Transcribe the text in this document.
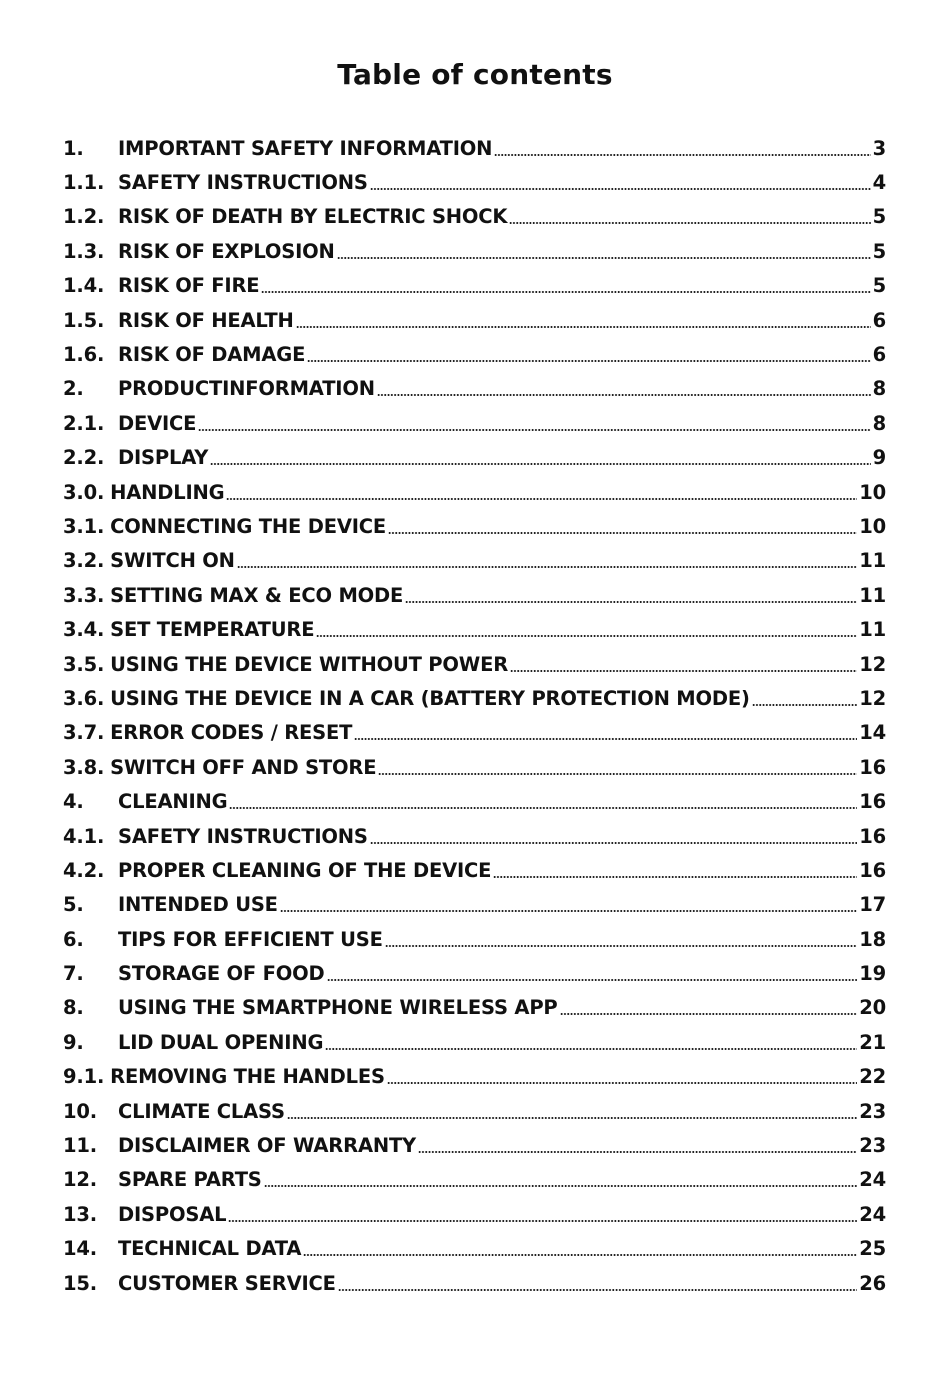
Table of contents
1.	IMPORTANT SAFETY INFORMATION	3
1.1. SAFETY INSTRUCTIONS	4
1.2. RISK OF DEATH BY ELECTRIC SHOCK	5
1.3. RISK OF EXPLOSION	5
1.4. RISK OF FIRE	5
1.5. RISK OF HEALTH	6
1.6. RISK OF DAMAGE	6
2.	PRODUCTINFORMATION	8
2.1. DEVICE	8
2.2. DISPLAY	9
3.0. HANDLING	10
3.1. CONNECTING THE DEVICE	10
3.2. SWITCH ON	11
3.3. SETTING MAX & ECO MODE	11
3.4. SET TEMPERATURE	11
3.5. USING THE DEVICE WITHOUT POWER	12
3.6. USING THE DEVICE IN A CAR (BATTERY PROTECTION MODE)	12
3.7. ERROR CODES / RESET	14
3.8. SWITCH OFF AND STORE	16
4.	CLEANING	16
4.1. SAFETY INSTRUCTIONS	16
4.2. PROPER CLEANING OF THE DEVICE	16
5.	INTENDED USE	17
6.	TIPS FOR EFFICIENT USE	18
7.	STORAGE OF FOOD	19
8.	USING THE SMARTPHONE WIRELESS APP	20
9.	LID DUAL OPENING	21
9.1. REMOVING THE HANDLES	22
10.	CLIMATE CLASS	23
11.	DISCLAIMER OF WARRANTY	23
12.	SPARE PARTS	24
13.	DISPOSAL	24
14.	TECHNICAL DATA	25
15.	CUSTOMER SERVICE	26
